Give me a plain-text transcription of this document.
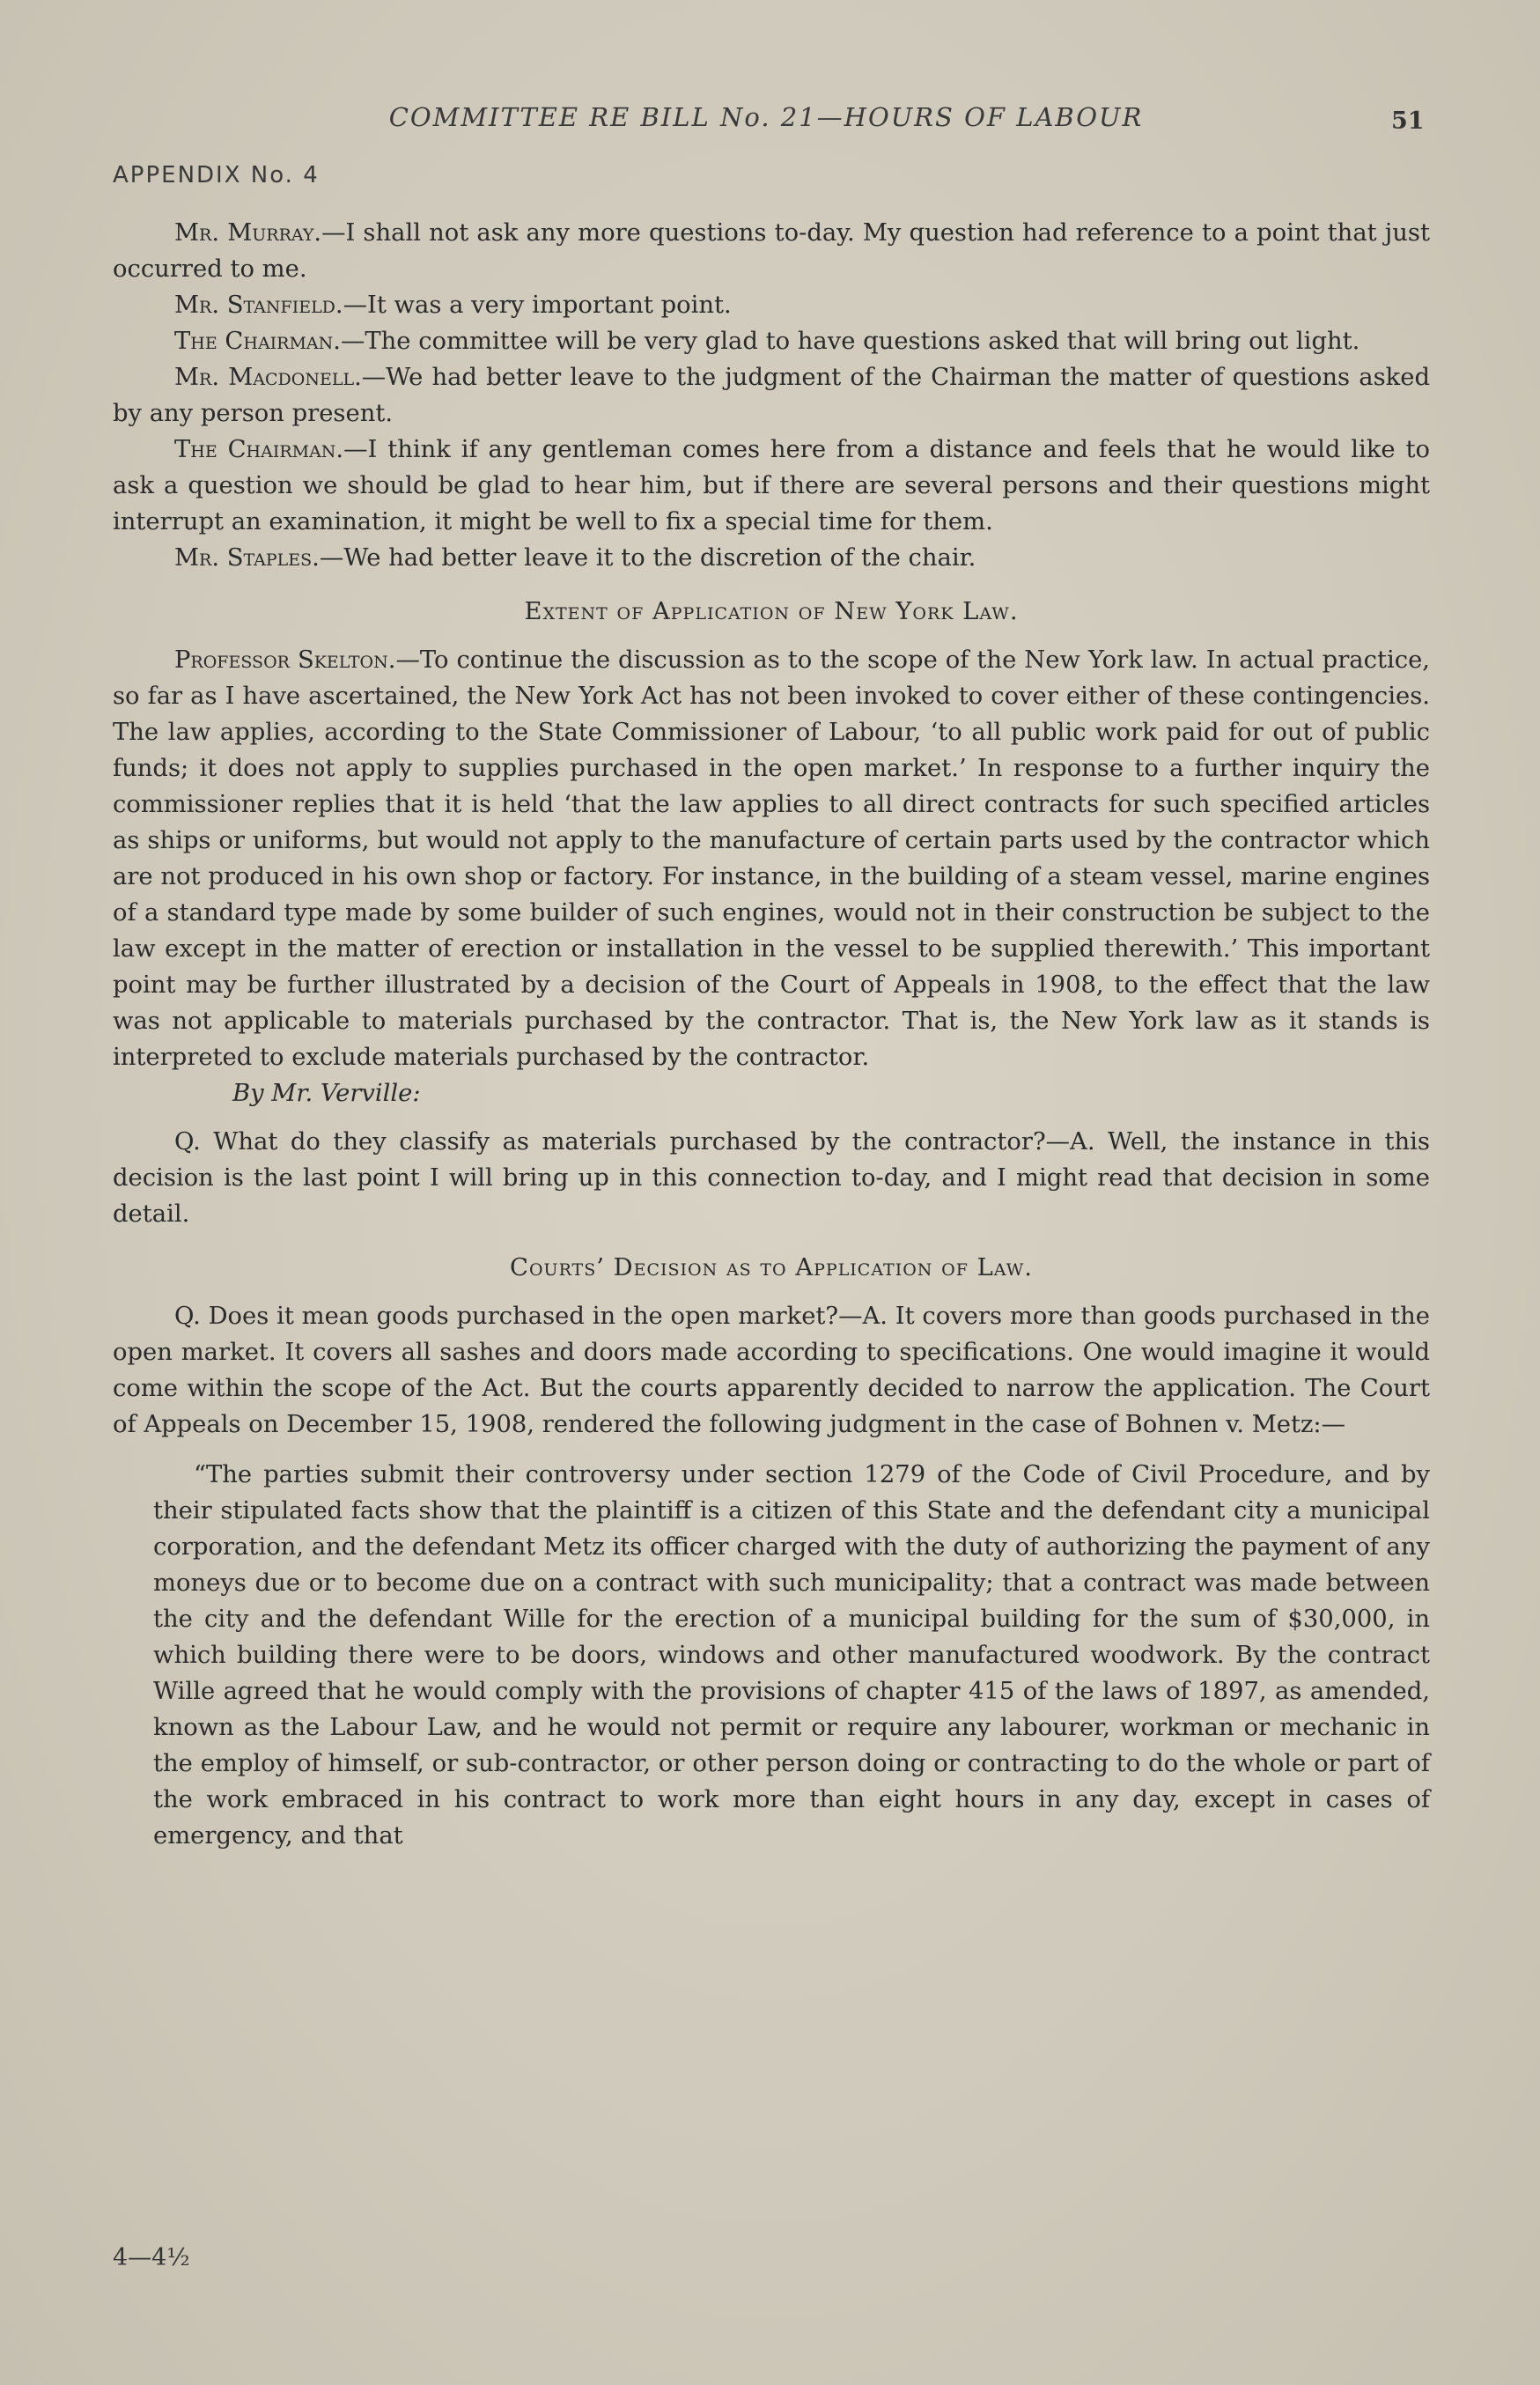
COMMITTEE RE BILL No. 21—HOURS OF LABOUR	51
APPENDIX No. 4

Mr. Murray.—I shall not ask any more questions to-day. My question had reference to a point that just occurred to me.

Mr. Stanfield.—It was a very important point.

The Chairman.—The committee will be very glad to have questions asked that will bring out light.

Mr. Macdonell.—We had better leave to the judgment of the Chairman the matter of questions asked by any person present.

The Chairman.—I think if any gentleman comes here from a distance and feels that he would like to ask a question we should be glad to hear him, but if there are several persons and their questions might interrupt an examination, it might be well to fix a special time for them.

Mr. Staples.—We had better leave it to the discretion of the chair.

Extent of Application of New York Law.

Professor Skelton.—To continue the discussion as to the scope of the New York law. In actual practice, so far as I have ascertained, the New York Act has not been invoked to cover either of these contingencies. The law applies, according to the State Commissioner of Labour, ‘to all public work paid for out of public funds; it does not apply to supplies purchased in the open market.’ In response to a further inquiry the commissioner replies that it is held ‘that the law applies to all direct contracts for such specified articles as ships or uniforms, but would not apply to the manufacture of certain parts used by the contractor which are not produced in his own shop or factory. For instance, in the building of a steam vessel, marine engines of a standard type made by some builder of such engines, would not in their construction be subject to the law except in the matter of erection or installation in the vessel to be supplied therewith.’ This important point may be further illustrated by a decision of the Court of Appeals in 1908, to the effect that the law was not applicable to materials purchased by the contractor. That is, the New York law as it stands is interpreted to exclude materials purchased by the contractor.

By Mr. Verville:

Q. What do they classify as materials purchased by the contractor?—A. Well, the instance in this decision is the last point I will bring up in this connection to-day, and I might read that decision in some detail.

Courts’ Decision as to Application of Law.

Q. Does it mean goods purchased in the open market?—A. It covers more than goods purchased in the open market. It covers all sashes and doors made according to specifications. One would imagine it would come within the scope of the Act. But the courts apparently decided to narrow the application. The Court of Appeals on December 15, 1908, rendered the following judgment in the case of Bohnen v. Metz:—

“The parties submit their controversy under section 1279 of the Code of Civil Procedure, and by their stipulated facts show that the plaintiff is a citizen of this State and the defendant city a municipal corporation, and the defendant Metz its officer charged with the duty of authorizing the payment of any moneys due or to become due on a contract with such municipality; that a contract was made between the city and the defendant Wille for the erection of a municipal building for the sum of $30,000, in which building there were to be doors, windows and other manufactured woodwork. By the contract Wille agreed that he would comply with the provisions of chapter 415 of the laws of 1897, as amended, known as the Labour Law, and he would not permit or require any labourer, workman or mechanic in the employ of himself, or sub-contractor, or other person doing or contracting to do the whole or part of the work embraced in his contract to work more than eight hours in any day, except in cases of emergency, and that

4—4½
